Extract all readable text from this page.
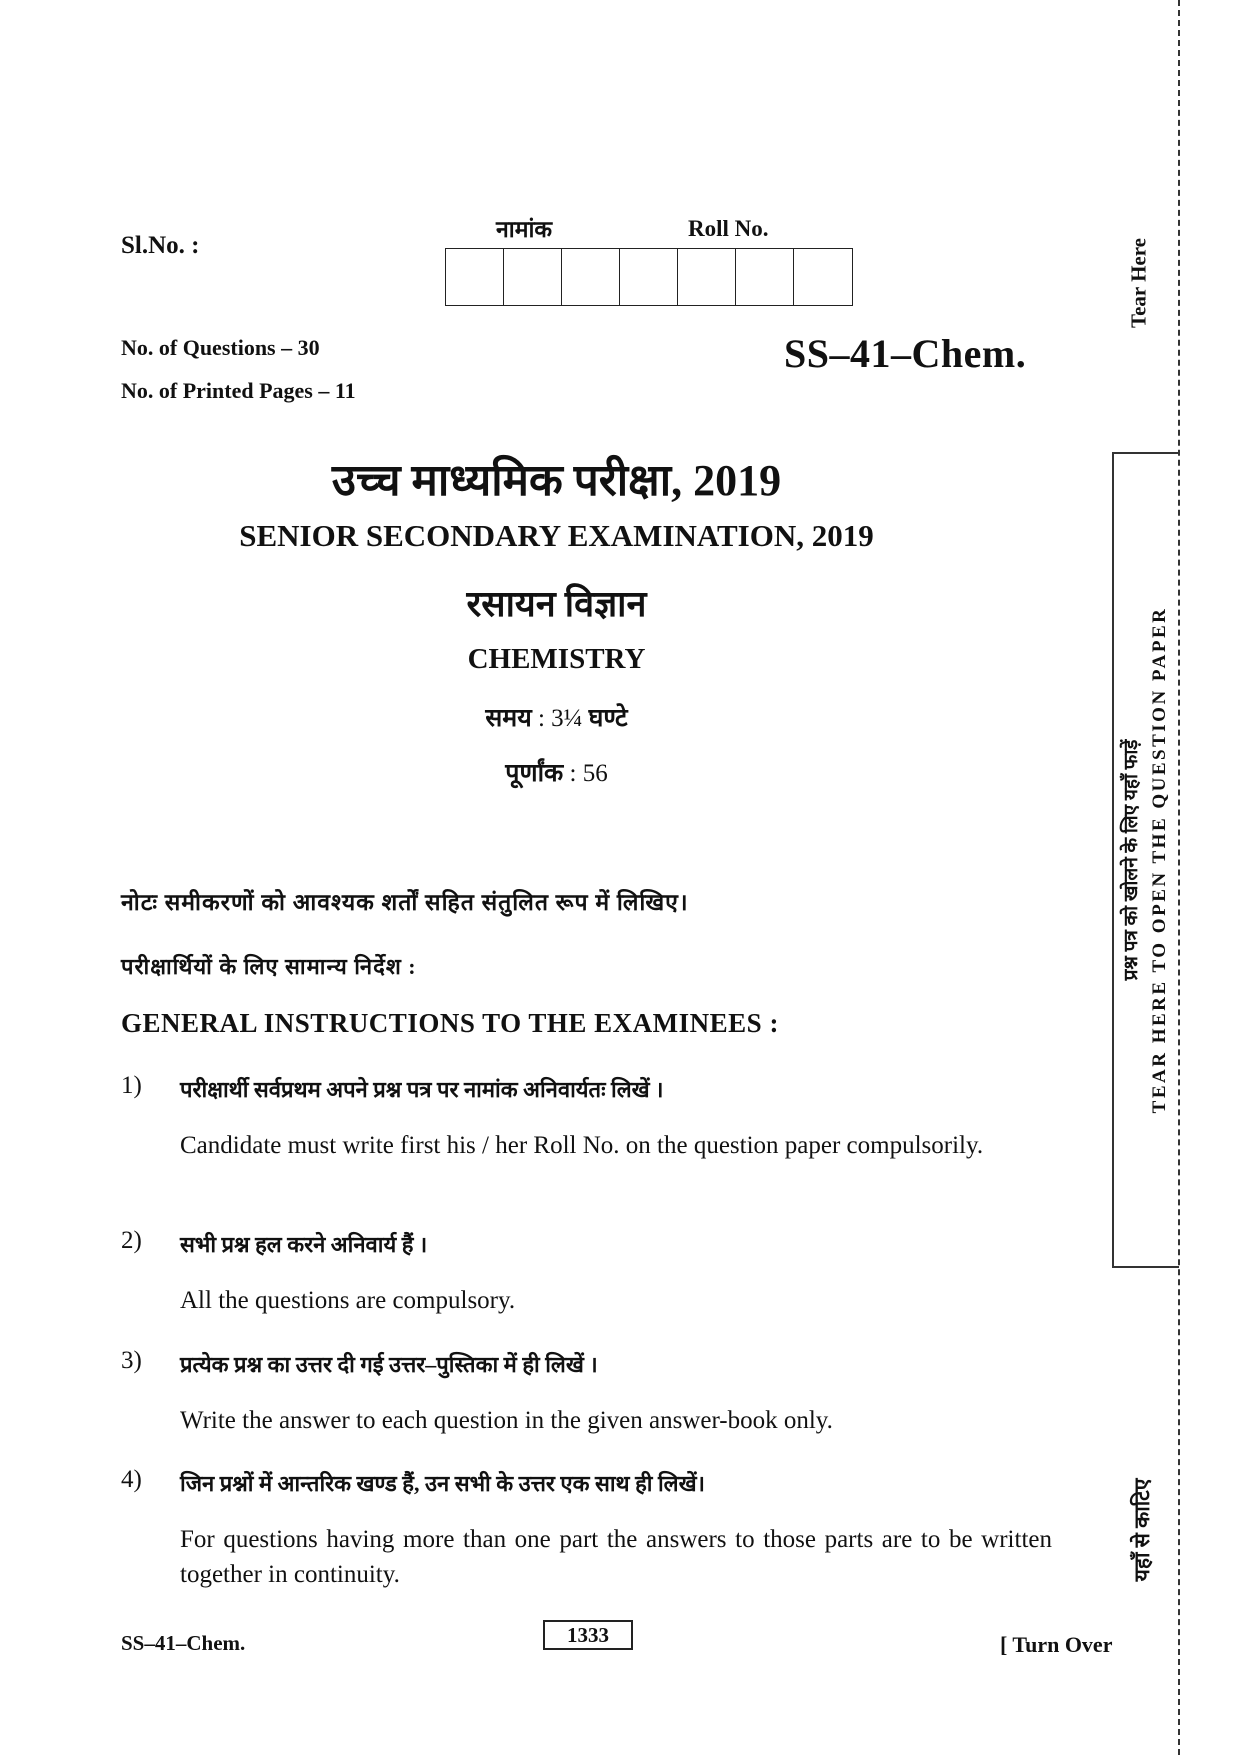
Sl.No. :
नामांक	Roll No.
No. of Questions – 30
No. of Printed Pages – 11
SS–41–Chem.
उच्च माध्यमिक परीक्षा, 2019
SENIOR SECONDARY EXAMINATION, 2019
रसायन विज्ञान
CHEMISTRY
समय : 3¼ घण्टे
पूर्णांक : 56
नोटः समीकरणों को आवश्यक शर्तों सहित संतुलित रूप में लिखिए।
परीक्षार्थियों के लिए सामान्य निर्देश :
GENERAL INSTRUCTIONS TO THE EXAMINEES :
1) परीक्षार्थी सर्वप्रथम अपने प्रश्न पत्र पर नामांक अनिवार्यतः लिखें ।
Candidate must write first his / her Roll No. on the question paper compulsorily.
2) सभी प्रश्न हल करने अनिवार्य हैं ।
All the questions are compulsory.
3) प्रत्येक प्रश्न का उत्तर दी गई उत्तर–पुस्तिका में ही लिखें ।
Write the answer to each question in the given answer-book only.
4) जिन प्रश्नों में आन्तरिक खण्ड हैं, उन सभी के उत्तर एक साथ ही लिखें।
For questions having more than one part the answers to those parts are to be written together in continuity.
SS–41–Chem.	1333	[ Turn Over
Tear Here
प्रश्न पत्र को खोलने के लिए यहाँ फाड़ें TEAR HERE TO OPEN THE QUESTION PAPER
यहाँ से काटिए
